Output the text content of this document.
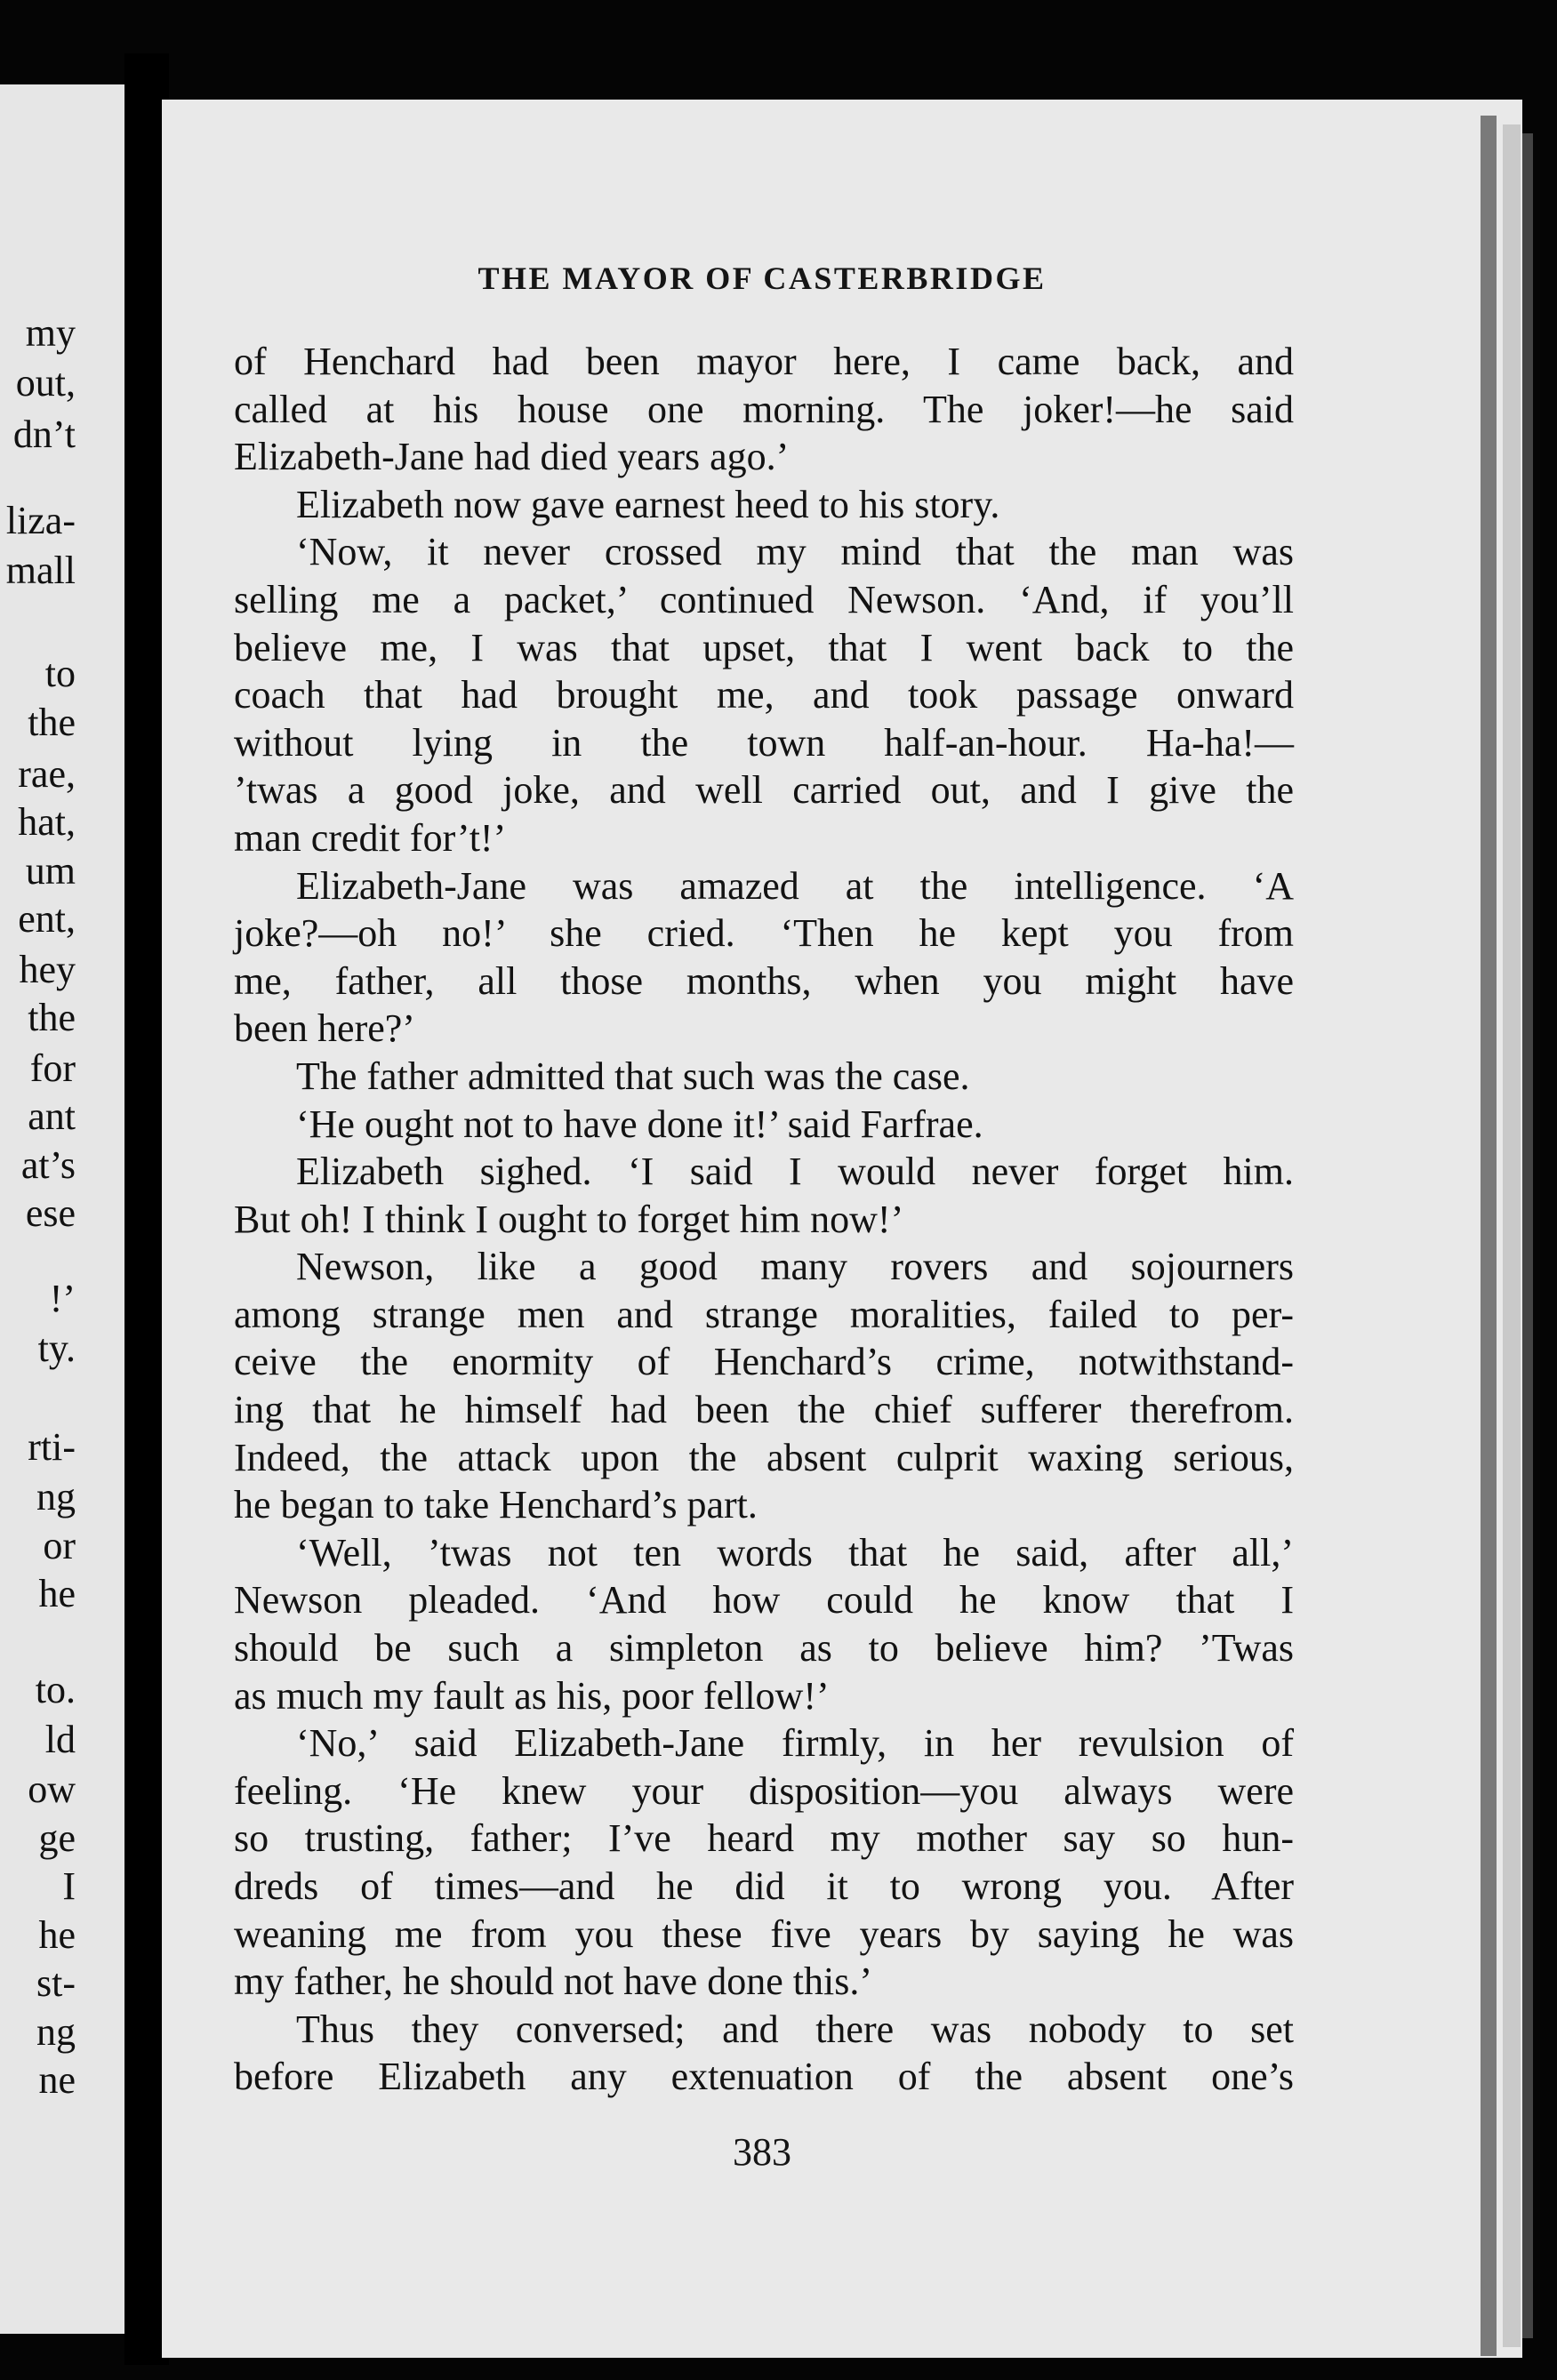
my
out,
dn’t
liza-
mall
to
the
rae,
hat,
um
ent,
hey
the
for
ant
at’s
ese
!’
ty.
rti-
ng
or
he
to.
ld
ow
ge
I
he
st-
ng
ne
THE MAYOR OF CASTERBRIDGE
of Henchard had been mayor here, I came back, and
called at his house one morning. The joker!—he said
Elizabeth-Jane had died years ago.’
Elizabeth now gave earnest heed to his story.
‘Now, it never crossed my mind that the man was
selling me a packet,’ continued Newson. ‘And, if you’ll
believe me, I was that upset, that I went back to the
coach that had brought me, and took passage onward
without lying in the town half-an-hour. Ha-ha!—
’twas a good joke, and well carried out, and I give the
man credit for’t!’
Elizabeth-Jane was amazed at the intelligence. ‘A
joke?—oh no!’ she cried. ‘Then he kept you from
me, father, all those months, when you might have
been here?’
The father admitted that such was the case.
‘He ought not to have done it!’ said Farfrae.
Elizabeth sighed. ‘I said I would never forget him.
But oh! I think I ought to forget him now!’
Newson, like a good many rovers and sojourners
among strange men and strange moralities, failed to per-
ceive the enormity of Henchard’s crime, notwithstand-
ing that he himself had been the chief sufferer therefrom.
Indeed, the attack upon the absent culprit waxing serious,
he began to take Henchard’s part.
‘Well, ’twas not ten words that he said, after all,’
Newson pleaded. ‘And how could he know that I
should be such a simpleton as to believe him? ’Twas
as much my fault as his, poor fellow!’
‘No,’ said Elizabeth-Jane firmly, in her revulsion of
feeling. ‘He knew your disposition—you always were
so trusting, father; I’ve heard my mother say so hun-
dreds of times—and he did it to wrong you. After
weaning me from you these five years by saying he was
my father, he should not have done this.’
Thus they conversed; and there was nobody to set
before Elizabeth any extenuation of the absent one’s
383
